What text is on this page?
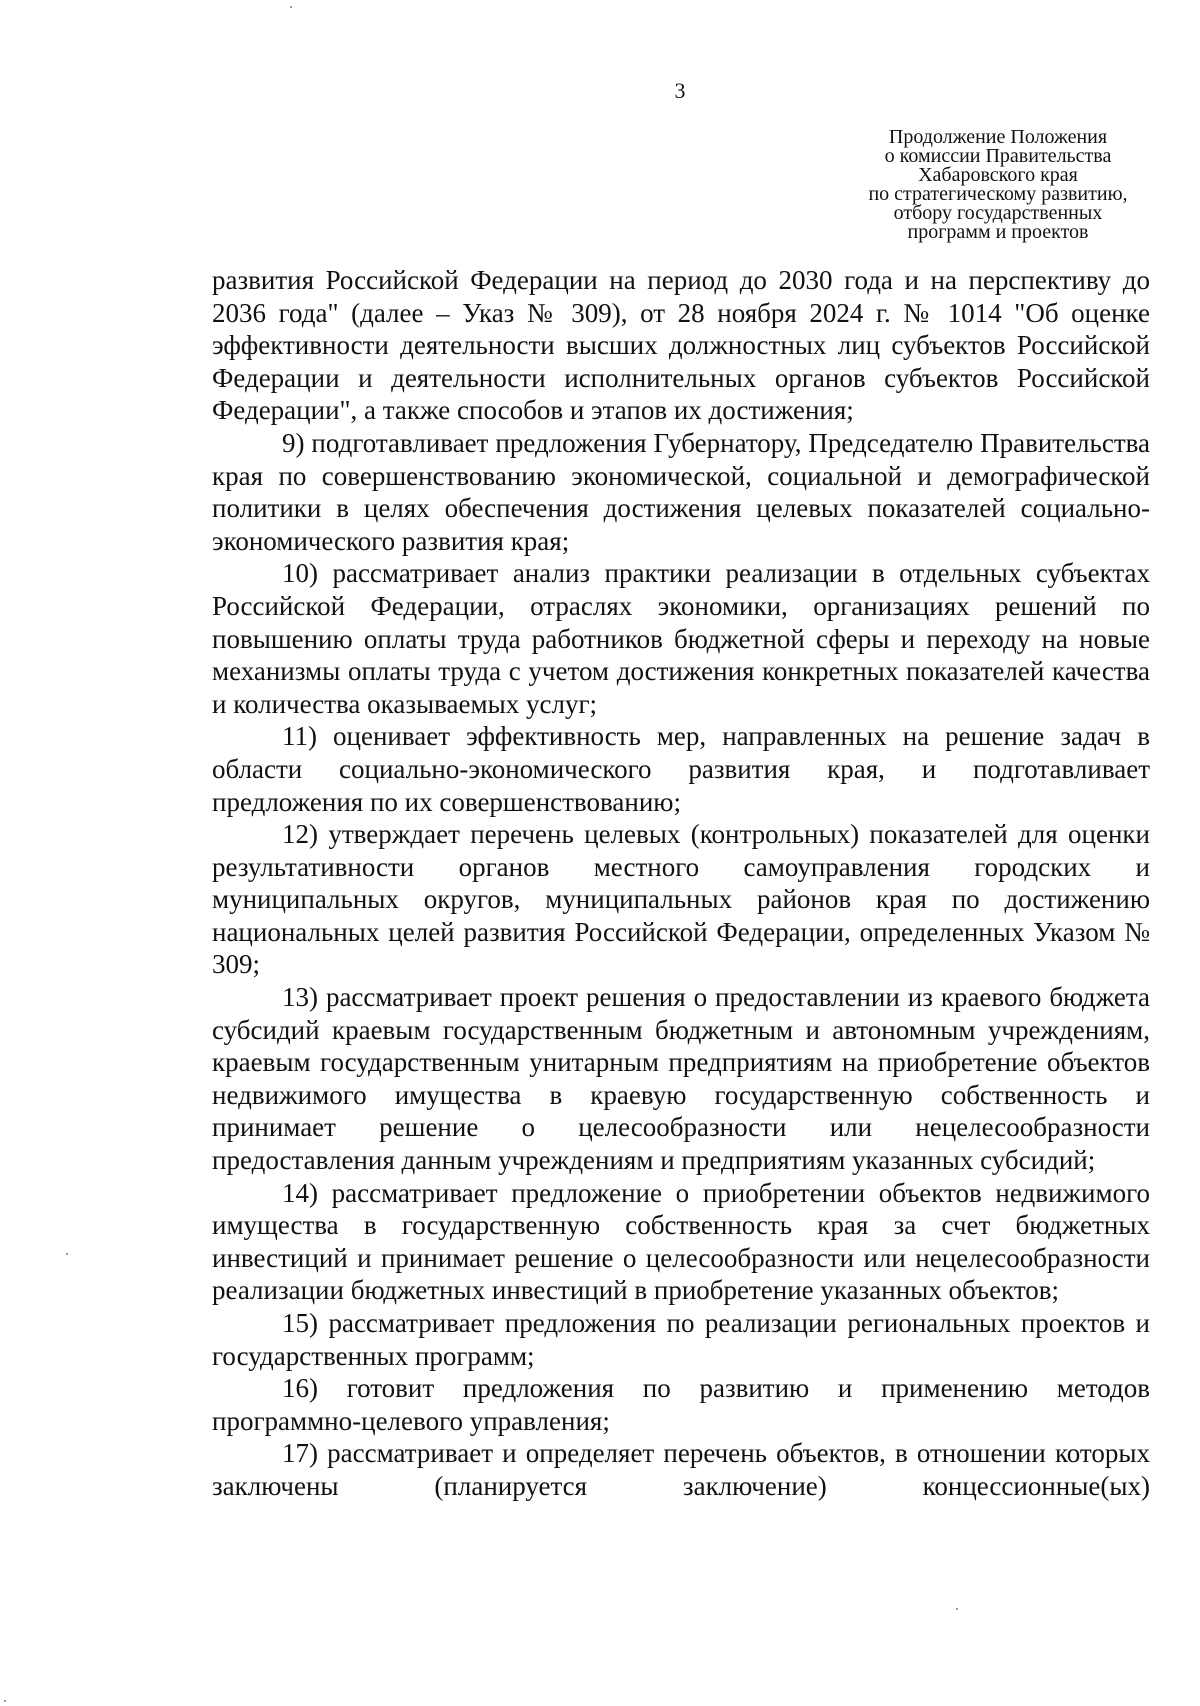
3
Продолжение Положения
о комиссии Правительства
Хабаровского края
по стратегическому развитию,
отбору государственных
программ и проектов

развития Российской Федерации на период до 2030 года и на перспективу до 2036 года" (далее – Указ № 309), от 28 ноября 2024 г. № 1014 "Об оценке эффективности деятельности высших должностных лиц субъектов Российской Федерации и деятельности исполнительных органов субъектов Российской Федерации", а также способов и этапов их достижения;

9) подготавливает предложения Губернатору, Председателю Правительства края по совершенствованию экономической, социальной и демографической политики в целях обеспечения достижения целевых показателей социально-экономического развития края;

10) рассматривает анализ практики реализации в отдельных субъектах Российской Федерации, отраслях экономики, организациях решений по повышению оплаты труда работников бюджетной сферы и переходу на новые механизмы оплаты труда с учетом достижения конкретных показателей качества и количества оказываемых услуг;

11) оценивает эффективность мер, направленных на решение задач в области социально-экономического развития края, и подготавливает предложения по их совершенствованию;

12) утверждает перечень целевых (контрольных) показателей для оценки результативности органов местного самоуправления городских и муниципальных округов, муниципальных районов края по достижению национальных целей развития Российской Федерации, определенных Указом № 309;

13) рассматривает проект решения о предоставлении из краевого бюджета субсидий краевым государственным бюджетным и автономным учреждениям, краевым государственным унитарным предприятиям на приобретение объектов недвижимого имущества в краевую государственную собственность и принимает решение о целесообразности или нецелесообразности предоставления данным учреждениям и предприятиям указанных субсидий;

14) рассматривает предложение о приобретении объектов недвижимого имущества в государственную собственность края за счет бюджетных инвестиций и принимает решение о целесообразности или нецелесообразности реализации бюджетных инвестиций в приобретение указанных объектов;

15) рассматривает предложения по реализации региональных проектов и государственных программ;

16) готовит предложения по развитию и применению методов программно-целевого управления;

17) рассматривает и определяет перечень объектов, в отношении которых заключены (планируется заключение) концессионные(ых)
